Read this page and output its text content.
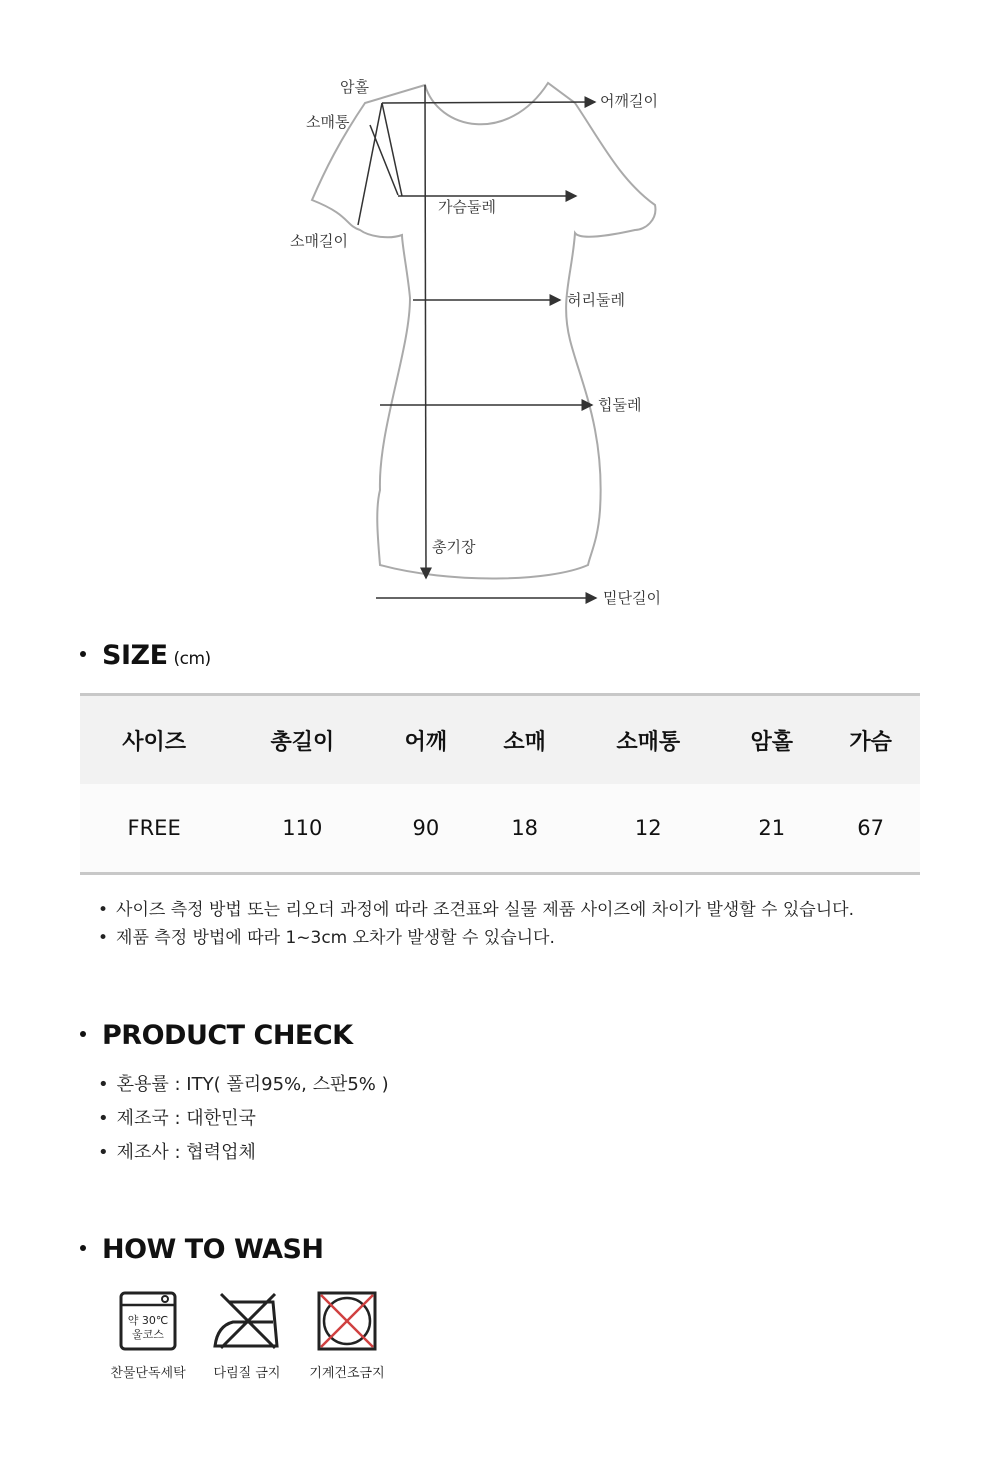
암홀
소매통
소매길이
어깨길이
가슴둘레
허리둘레
힙둘레
총기장
밑단길이
SIZE (cm)
사이즈	총길이	어깨	소매	소매통	암홀	가슴
FREE	110	90	18	12	21	67
• 사이즈 측정 방법 또는 리오더 과정에 따라 조견표와 실물 제품 사이즈에 차이가 발생할 수 있습니다.
• 제품 측정 방법에 따라 1~3cm 오차가 발생할 수 있습니다.
PRODUCT CHECK
• 혼용률 : ITY( 폴리95%, 스판5% )
• 제조국 : 대한민국
• 제조사 : 협력업체
HOW TO WASH
약 30℃
울코스
찬물단독세탁	다림질 금지	기계건조금지
